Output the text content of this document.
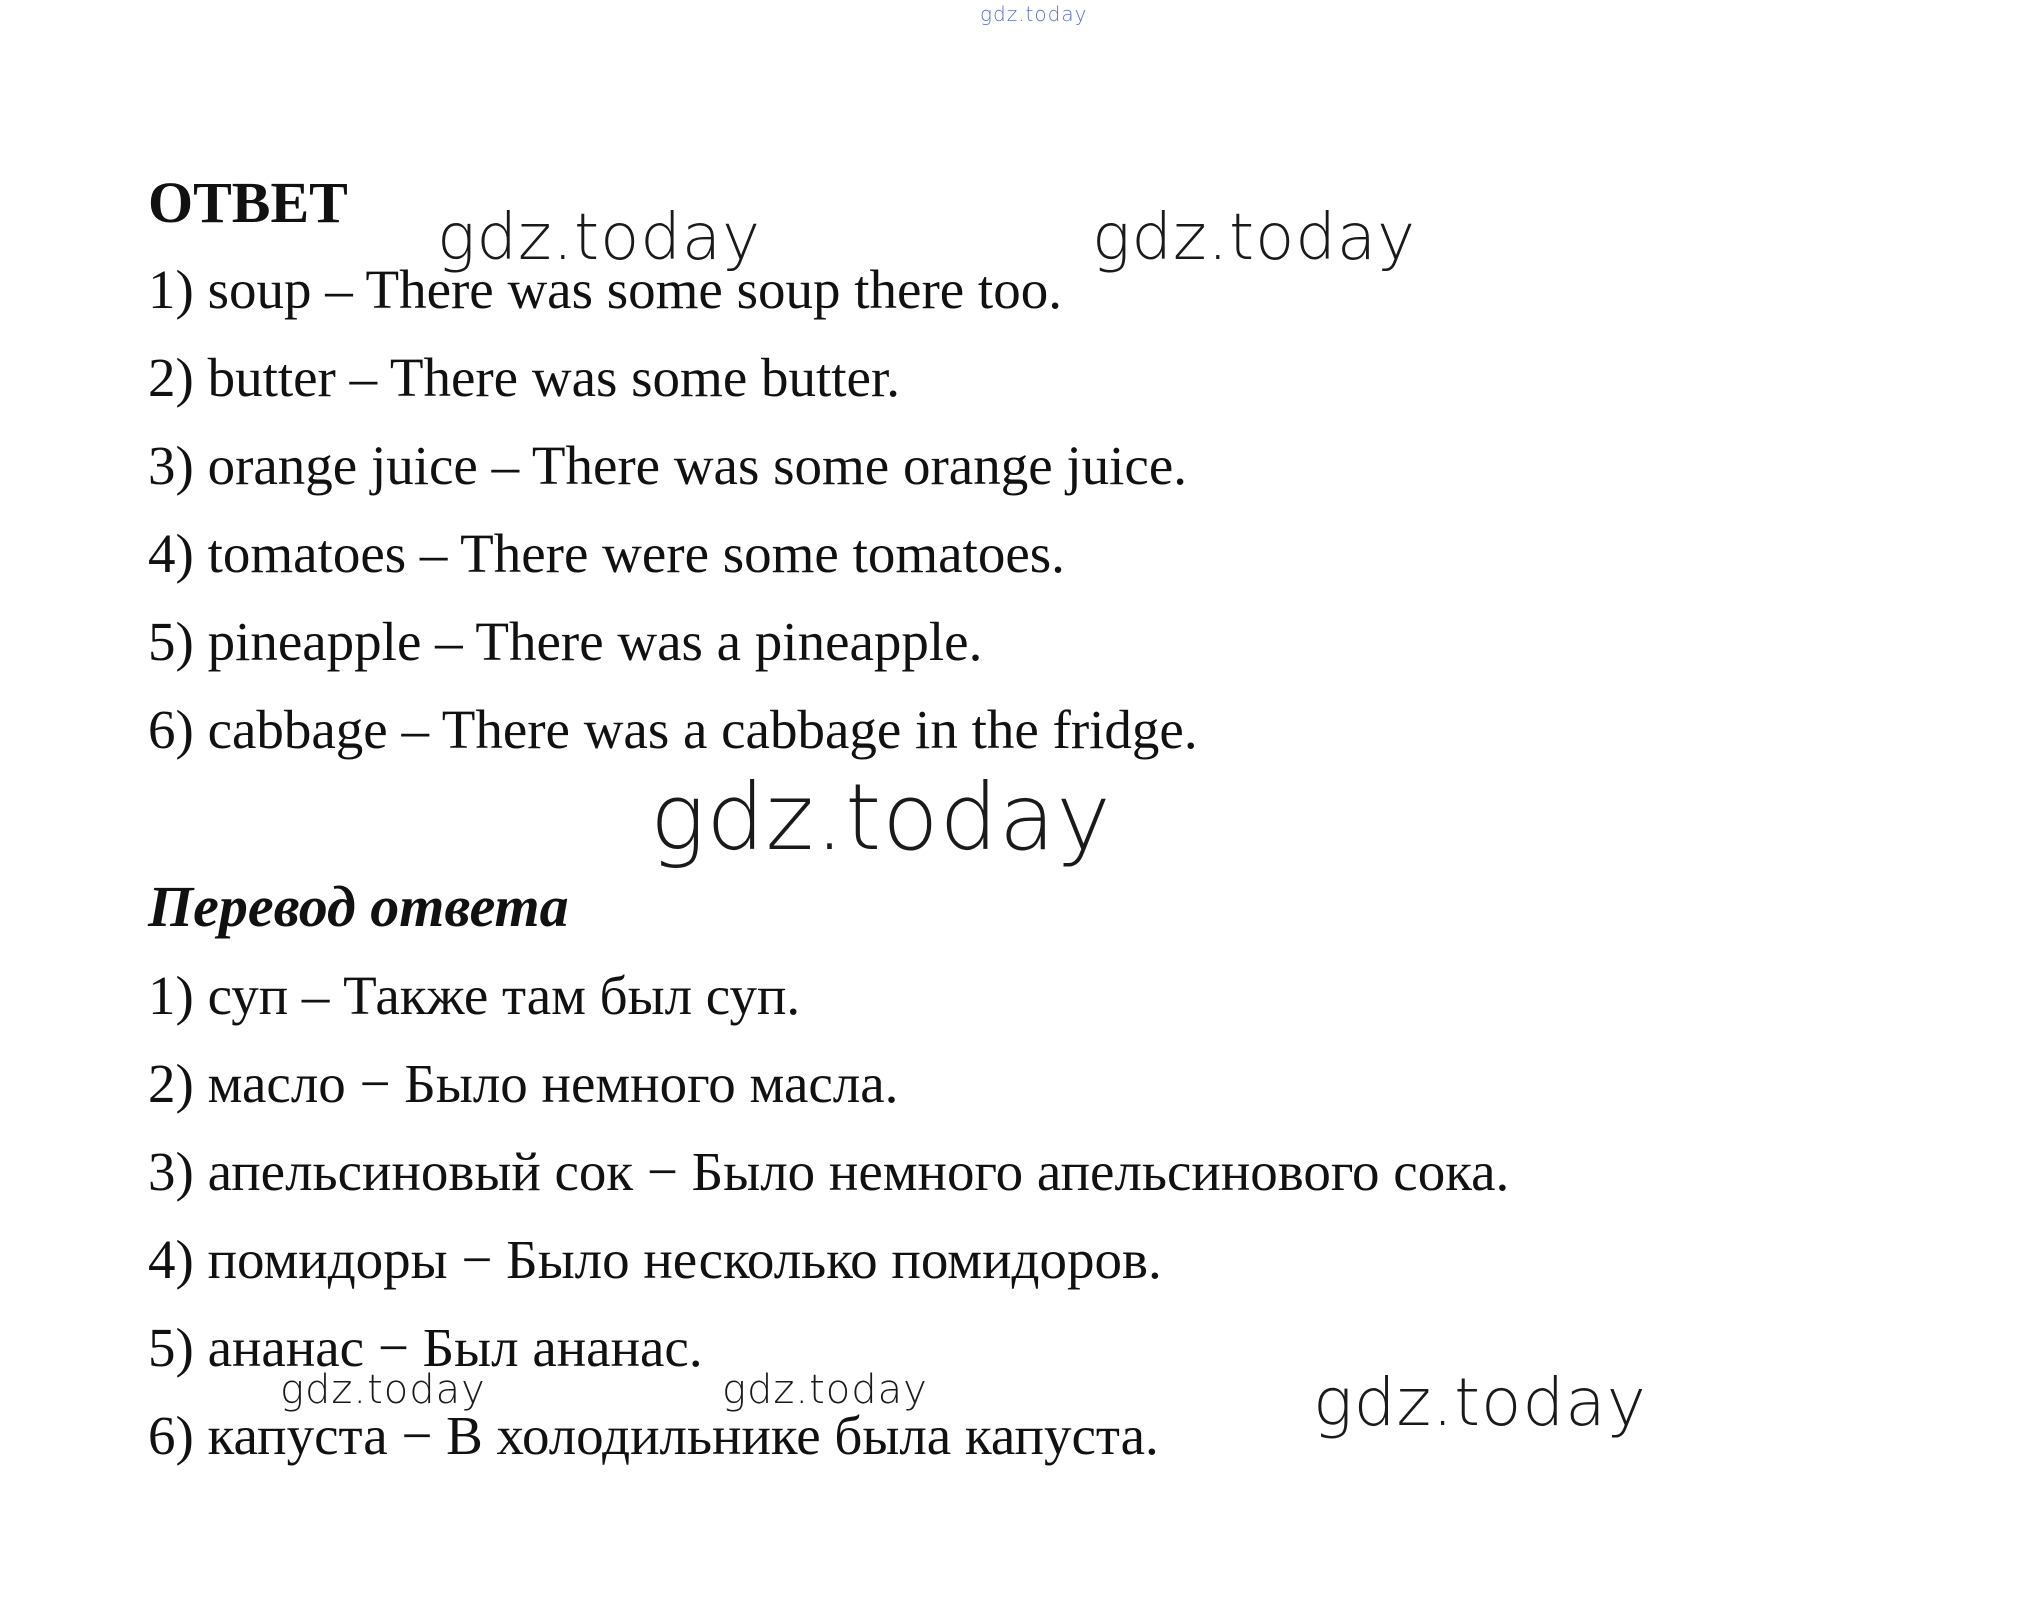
gdz.today
ОТВЕТ
1) soup – There was some soup there too.
2) butter – There was some butter.
3) orange juice – There was some orange juice.
4) tomatoes – There were some tomatoes.
5) pineapple – There was a pineapple.
6) cabbage – There was a cabbage in the fridge.
Перевод ответа
1) суп – Также там был суп.
2) масло − Было немного масла.
3) апельсиновый сок − Было немного апельсинового сока.
4) помидоры − Было несколько помидоров.
5) ананас − Был ананас.
6) капуста − В холодильнике была капуста.
gdz.today	gdz.today
gdz.today
gdz.today	gdz.today	gdz.today
